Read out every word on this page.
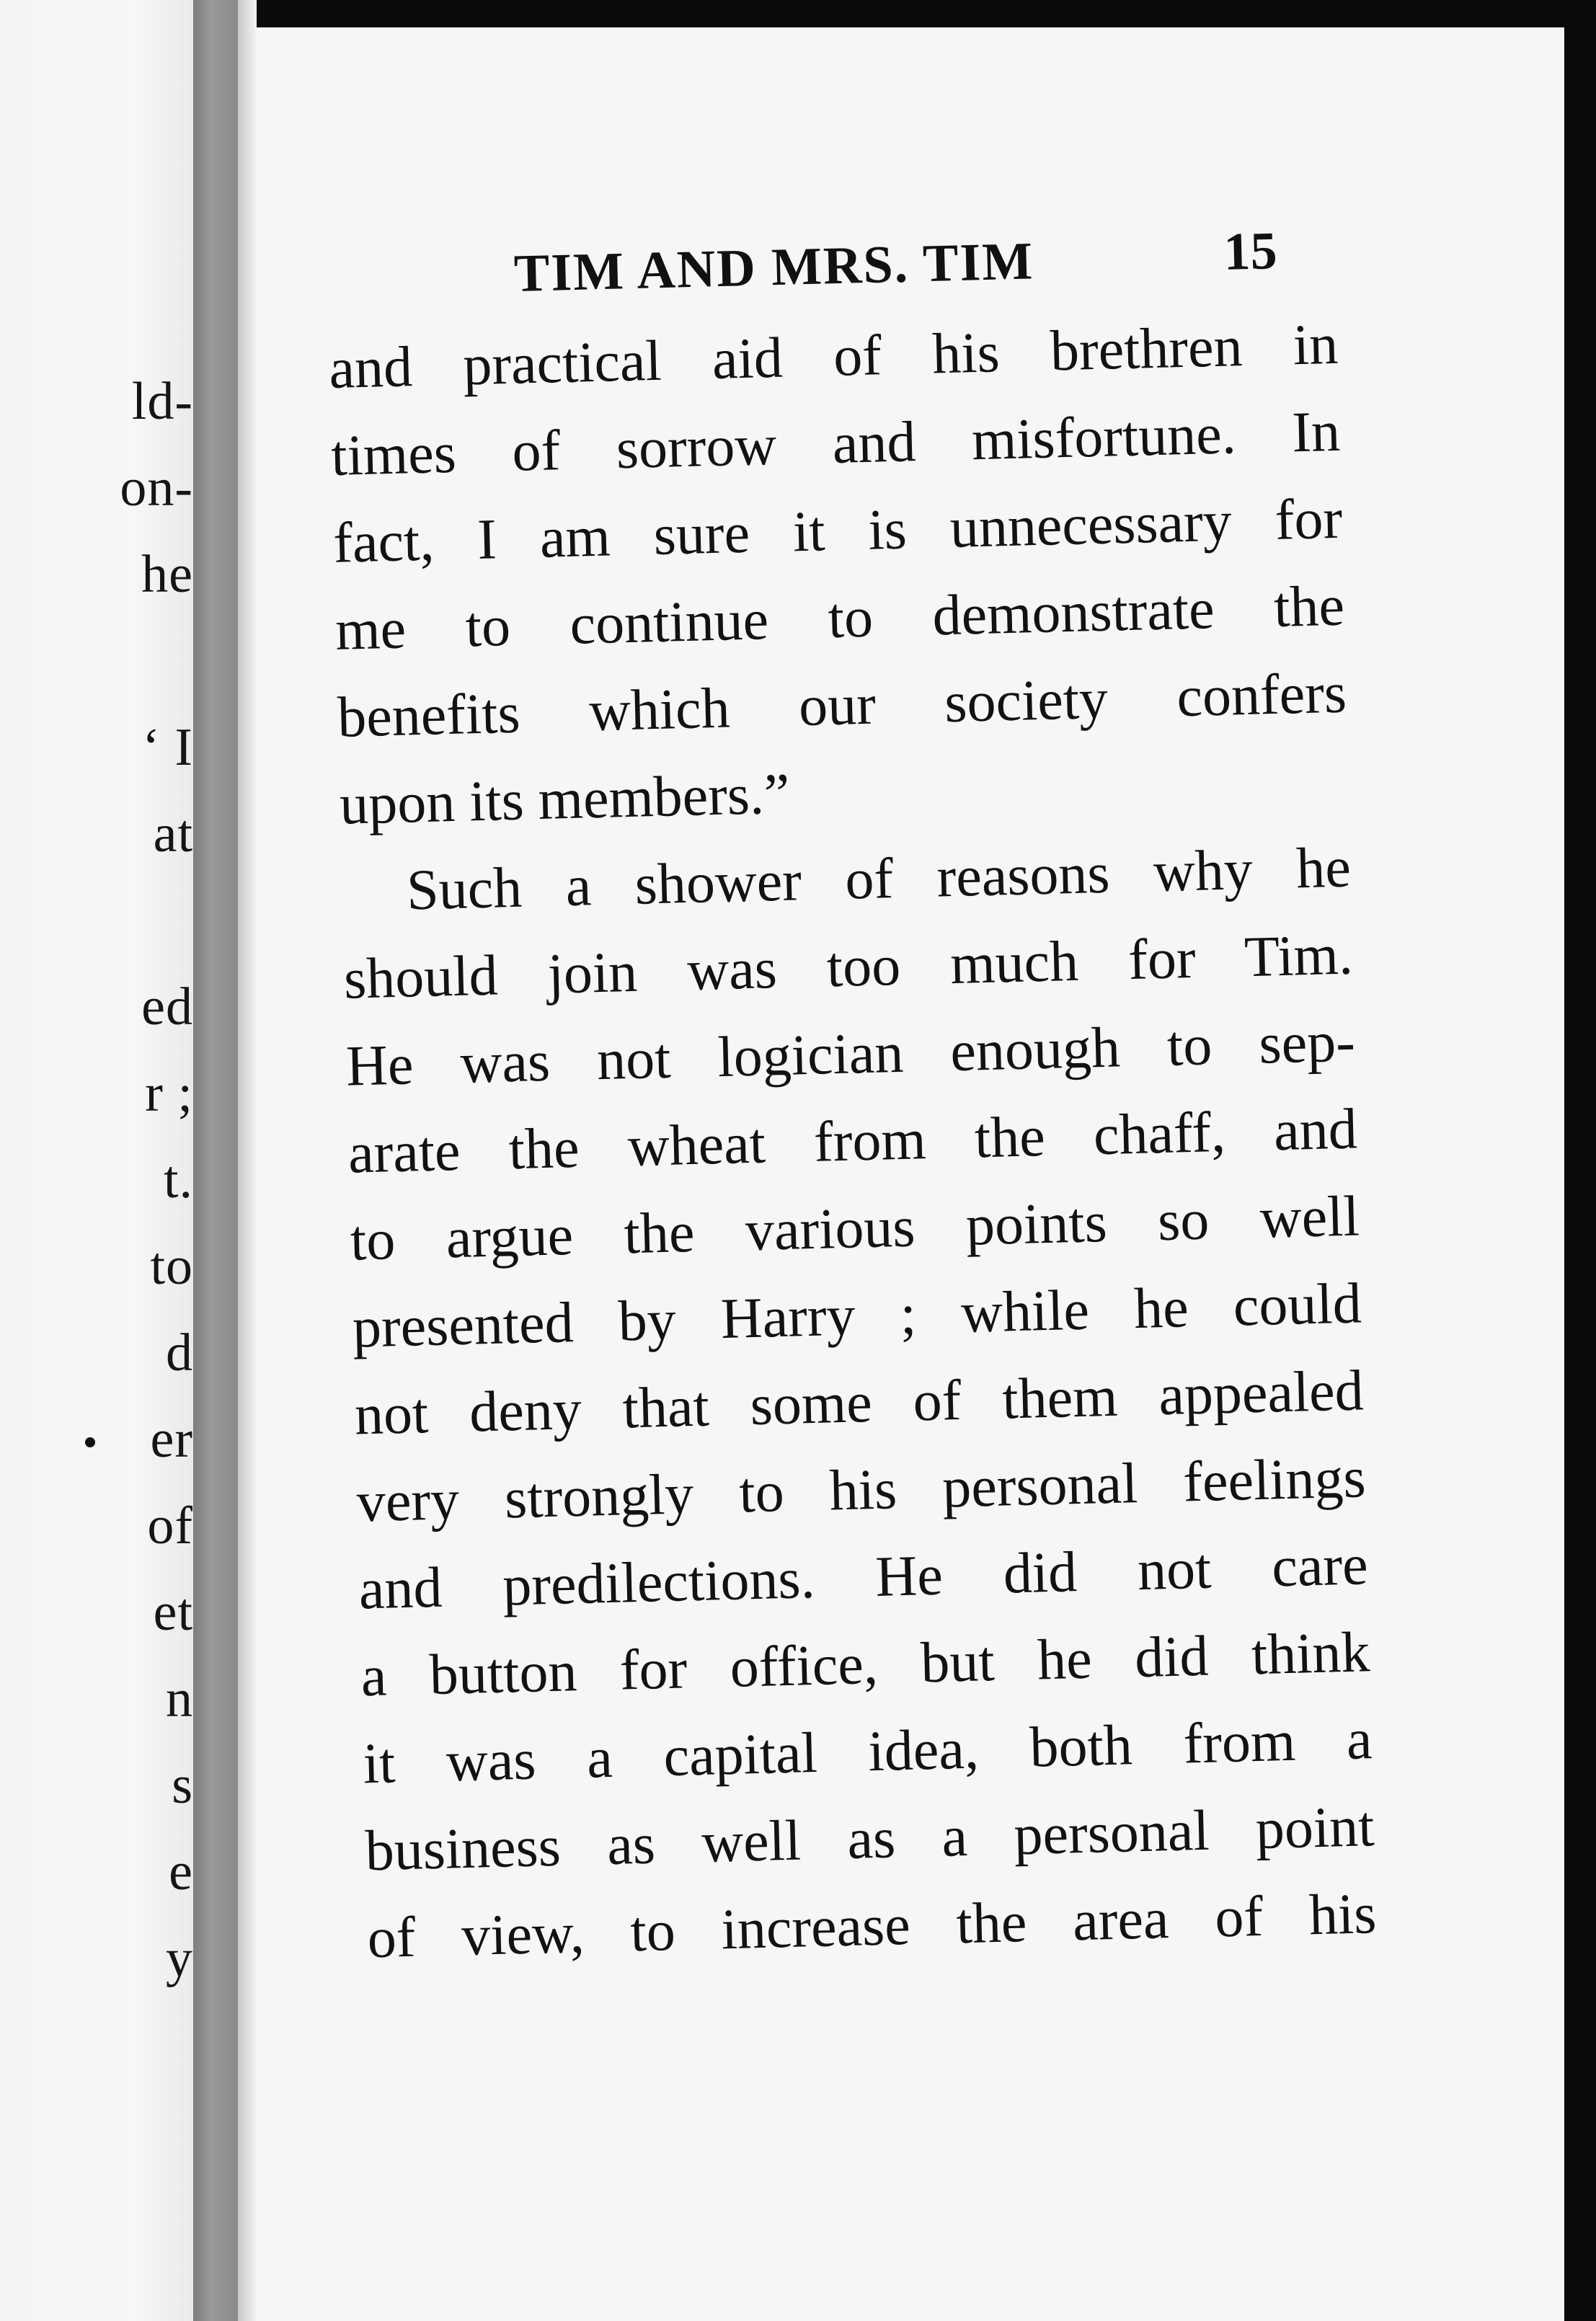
ld-
on-
he
‘ I
at
ed
r ;
t.
to
d
er
of
et
n
s
e
y
TIM AND MRS. TIM	15
and practical aid of his brethren in
times of sorrow and misfortune. In
fact, I am sure it is unnecessary for
me to continue to demonstrate the
benefits which our society confers
upon its members.”
Such a shower of reasons why he
should join was too much for Tim.
He was not logician enough to sep-
arate the wheat from the chaff, and
to argue the various points so well
presented by Harry ; while he could
not deny that some of them appealed
very strongly to his personal feelings
and predilections. He did not care
a button for office, but he did think
it was a capital idea, both from a
business as well as a personal point
of view, to increase the area of his
